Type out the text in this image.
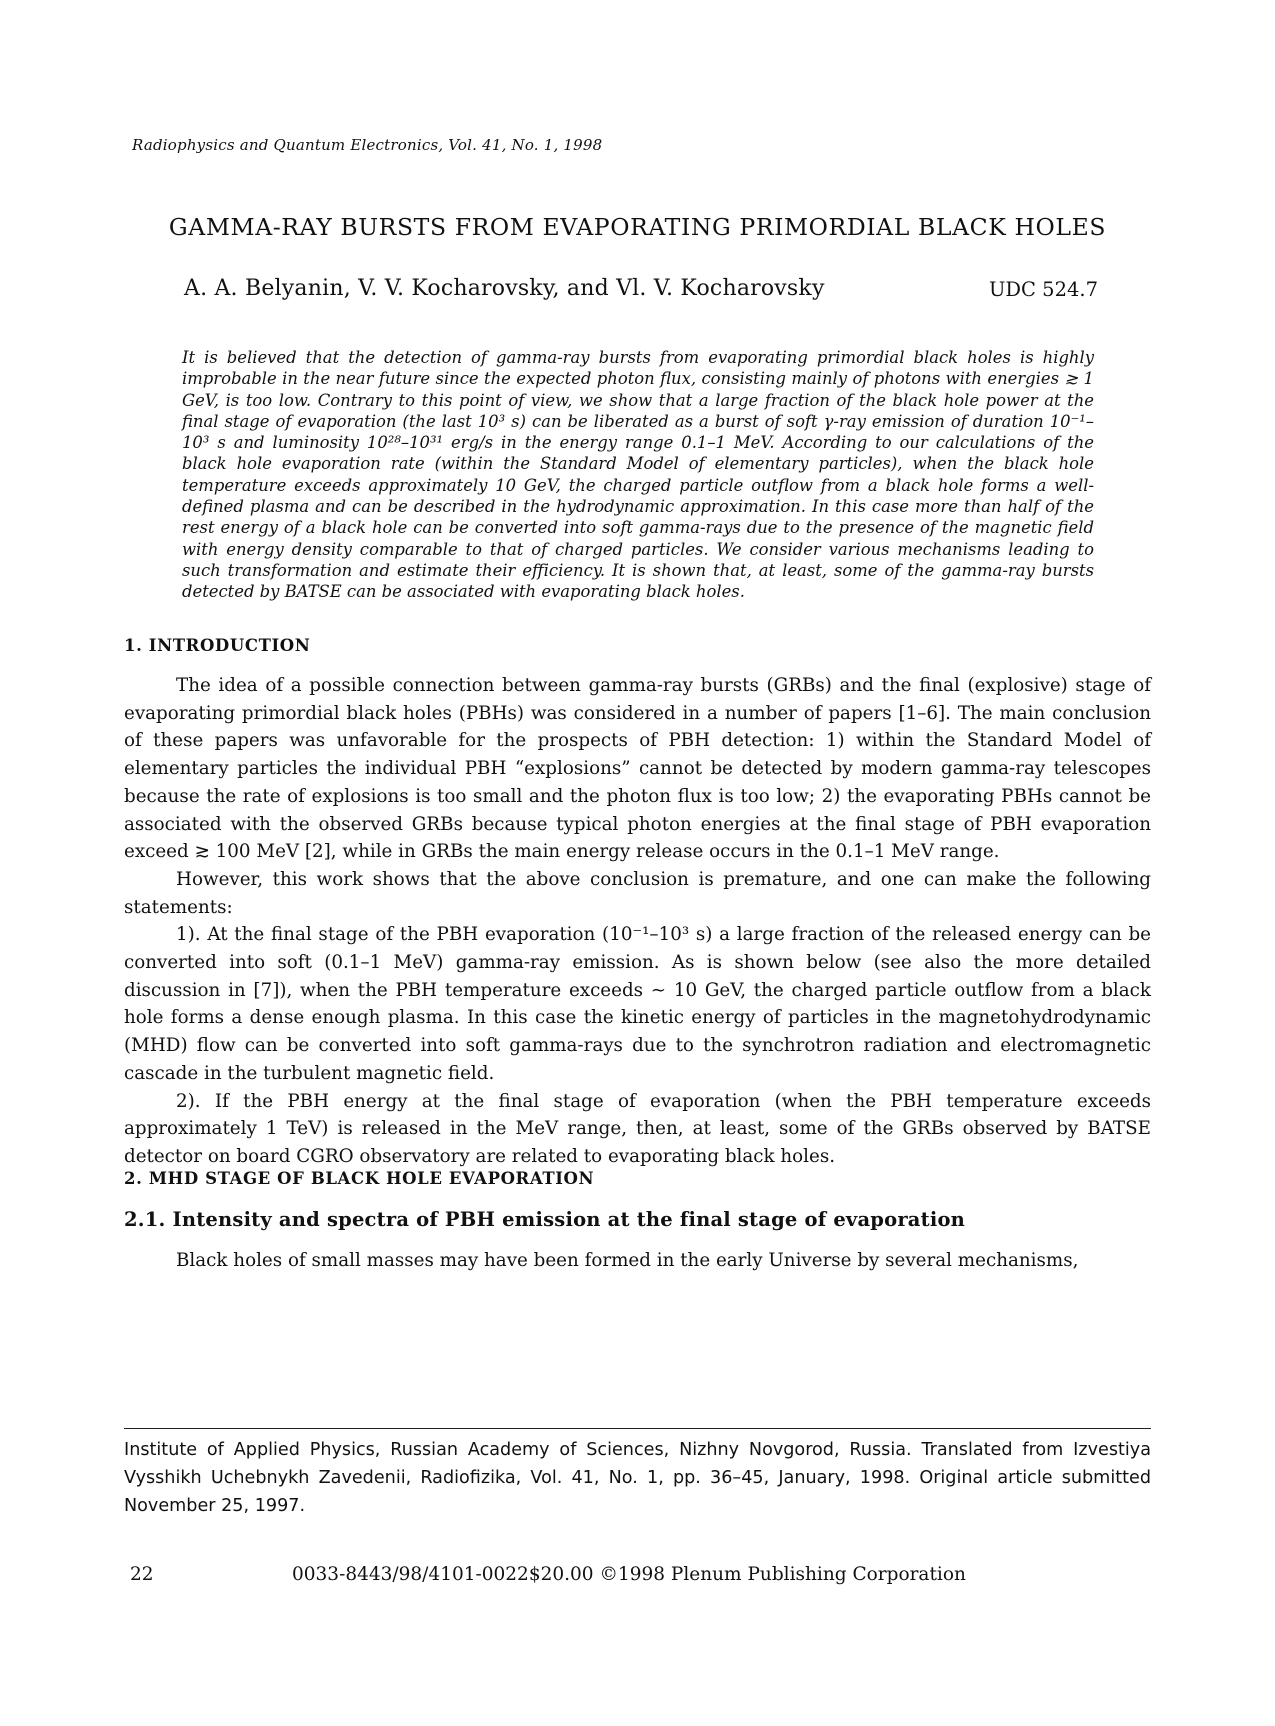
Radiophysics and Quantum Electronics, Vol. 41, No. 1, 1998
GAMMA-RAY BURSTS FROM EVAPORATING PRIMORDIAL BLACK HOLES
A. A. Belyanin, V. V. Kocharovsky, and Vl. V. Kocharovsky	UDC 524.7
It is believed that the detection of gamma-ray bursts from evaporating primordial black holes is highly improbable in the near future since the expected photon flux, consisting mainly of photons with energies ≳ 1 GeV, is too low. Contrary to this point of view, we show that a large fraction of the black hole power at the final stage of evaporation (the last 10³ s) can be liberated as a burst of soft γ-ray emission of duration 10⁻¹–10³ s and luminosity 10²⁸–10³¹ erg/s in the energy range 0.1–1 MeV. According to our calculations of the black hole evaporation rate (within the Standard Model of elementary particles), when the black hole temperature exceeds approximately 10 GeV, the charged particle outflow from a black hole forms a well-defined plasma and can be described in the hydrodynamic approximation. In this case more than half of the rest energy of a black hole can be converted into soft gamma-rays due to the presence of the magnetic field with energy density comparable to that of charged particles. We consider various mechanisms leading to such transformation and estimate their efficiency. It is shown that, at least, some of the gamma-ray bursts detected by BATSE can be associated with evaporating black holes.
1. INTRODUCTION

The idea of a possible connection between gamma-ray bursts (GRBs) and the final (explosive) stage of evaporating primordial black holes (PBHs) was considered in a number of papers [1–6]. The main conclusion of these papers was unfavorable for the prospects of PBH detection: 1) within the Standard Model of elementary particles the individual PBH “explosions” cannot be detected by modern gamma-ray telescopes because the rate of explosions is too small and the photon flux is too low; 2) the evaporating PBHs cannot be associated with the observed GRBs because typical photon energies at the final stage of PBH evaporation exceed ≳ 100 MeV [2], while in GRBs the main energy release occurs in the 0.1–1 MeV range.

However, this work shows that the above conclusion is premature, and one can make the following statements:

1). At the final stage of the PBH evaporation (10⁻¹–10³ s) a large fraction of the released energy can be converted into soft (0.1–1 MeV) gamma-ray emission. As is shown below (see also the more detailed discussion in [7]), when the PBH temperature exceeds ∼ 10 GeV, the charged particle outflow from a black hole forms a dense enough plasma. In this case the kinetic energy of particles in the magnetohydrodynamic (MHD) flow can be converted into soft gamma-rays due to the synchrotron radiation and electromagnetic cascade in the turbulent magnetic field.

2). If the PBH energy at the final stage of evaporation (when the PBH temperature exceeds approximately 1 TeV) is released in the MeV range, then, at least, some of the GRBs observed by BATSE detector on board CGRO observatory are related to evaporating black holes.

2. MHD STAGE OF BLACK HOLE EVAPORATION
2.1. Intensity and spectra of PBH emission at the final stage of evaporation

Black holes of small masses may have been formed in the early Universe by several mechanisms,

Institute of Applied Physics, Russian Academy of Sciences, Nizhny Novgorod, Russia. Translated from Izvestiya Vysshikh Uchebnykh Zavedenii, Radiofizika, Vol. 41, No. 1, pp. 36–45, January, 1998. Original article submitted November 25, 1997.
22	0033-8443/98/4101-0022$20.00 ©1998 Plenum Publishing Corporation
